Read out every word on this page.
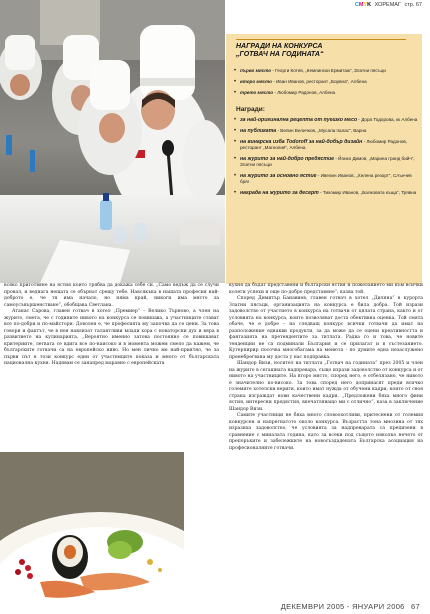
CMYK ХОРЕМАГ стр. 67
НАГРАДИ НА КОНКУРСА
„ГОТВАЧ НА ГОДИНАТА“
• първо място - Георги Котев, „Кемпински Ермитаж“, Златни пясъци
• второ място - Иван Иванов, ресторант „Борвна“, Албена
• трето място - Любомир Радонов, Албена
Награди:
• за най-оригинална рецепта от пуешко месо - Дора Тодорова, кк Албена
• на публиката - Велин Величков, „Мусала палас“, Варна
• на винарска изба Todoroff за най-добър дизайн - Любомир Радонов, ресторант „Магнолия“, Албена
• на журито за най-добро предястие - Йонко Димов, „Марина гранд бийч“, Златни пясъци
• на журито за основно ястие - Ивелин Иванов, „Хелена резорт“, Слънчев бряг
• награда на журито за десерт - Тихомир Иванов, „Балковата къща“, Трявна

всяко приготвяне на ястия които трябва да докажа себе си. „Само ведъж да се случи провал, и веднага нещата се обърнат срещу тебе. Навсякъка в нашата професия най-доброто е, че тя има начало, но няма край, никоги има място за самоусъвършенстване“, обобщава Светлана.

Атанас Сарова, главен готвач в хотел „Премиер“ – Велико Търново, а член на журито, сметa, че с годините нивото на конкурса се повишава, а участниците стават все по-добри и по-майстори. Доволен е, че професията му започва да се цени. За това говори и фактът, че в нея навлизат талантливи млади хора с новаторски дух и вяра в развитието на кулинарията. „Вероятно именно затова постоянно се повишават критериите, летвата се вдига все по-наисоко и в момента можем смело да кажем, че българските готвачи са на европейско ниво. Но мен лично ме най-приятно, че за първи път в този конкурс едни от участниците показа и много от българската национална кухня. Надявам се занапред маравно с европейската

кухня да бъдат представени и български ястия и пожеланието ми към всички колеги успехи и още по-добро представяне“, казва той.

Според Димитър Банавиев, главен готвач в хотел „Диляна“ в курорта Златни пясъци, организацията на конкурса е била добра. Той изрази задоволство от участието в конкурса на готвачи от цялата страна, както и от условията на конкурса, които позволяват доста обективна оценка. Той смята обаче, че е добре – на следващ конкурс всички готвачи да имат на разположение еднакви продукти, за да може да се оцени креативността и фантазията на претендентите за титлата. Радва го и това, че новите тенденции не са подминали България и се прилагат и в състезанието. Кутерпирир посочва многобагама на менюта - по думите една незаслужено пренебрегвана му доста у нас подправка.

Шандор Визи, носител на титлата „Готвач на годината“ през 2005 и член на журито в сегашната надпревара, също изрази задоволство от конкурса и от нивото на участниците. На второ място, според него, е отбелязано, че нивото е значително по-високо. За това според него допринасят преди всичко големите хотелски вериги, които имат нужда от обучени кадри, които от своя страна изграждат нови качествени кадри. „Предложени бяха много фини ястия, интересни предястия, впечатляващо ми с отлично“, каза в заключение Шандор Визи.

Самите участници не бяха много словоохотливи, притеснени от големия конкурсен и напрегнатото около конкурса. Възрастта тона мнозина от тях изразиха задоволство, че условията за надпреварата са прецизени в сравнение с миналата година, като за всеки под същото няколко нечето от препоръките и забележките на новосъздадената Българска асоциация на професионалните готвачи.

ДЕКЕМВРИ 2005 - ЯНУАРИ 2006 67
